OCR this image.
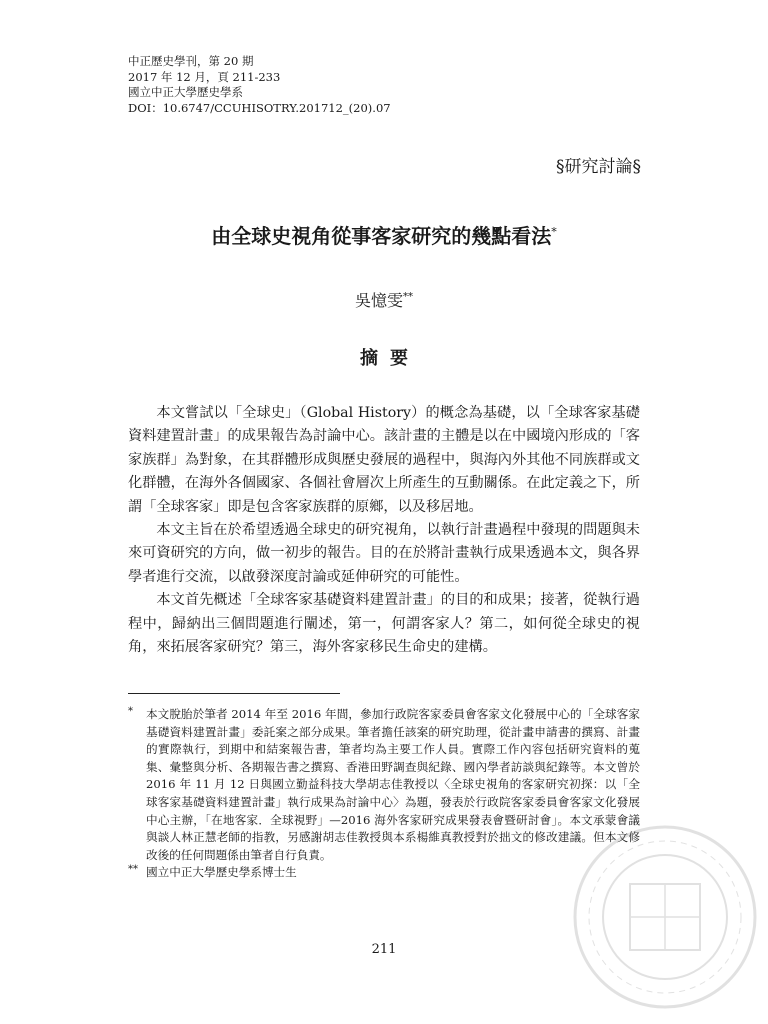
中正歷史學刊，第 20 期
2017 年 12 月，頁 211-233
國立中正大學歷史學系
DOI：10.6747/CCUHISOTRY.201712_(20).07
§研究討論§
由全球史視角從事客家研究的幾點看法*
吳憶雯**
摘要

本文嘗試以「全球史」（Global History）的概念為基礎，以「全球客家基礎資料建置計畫」的成果報告為討論中心。該計畫的主體是以在中國境內形成的「客家族群」為對象，在其群體形成與歷史發展的過程中，與海內外其他不同族群或文化群體，在海外各個國家、各個社會層次上所產生的互動關係。在此定義之下，所謂「全球客家」即是包含客家族群的原鄉，以及移居地。

本文主旨在於希望透過全球史的研究視角，以執行計畫過程中發現的問題與未來可資研究的方向，做一初步的報告。目的在於將計畫執行成果透過本文，與各界學者進行交流，以啟發深度討論或延伸研究的可能性。

本文首先概述「全球客家基礎資料建置計畫」的目的和成果；接著，從執行過程中，歸納出三個問題進行闡述，第一，何謂客家人？第二，如何從全球史的視角，來拓展客家研究？第三，海外客家移民生命史的建構。

* 本文脫胎於筆者 2014 年至 2016 年間，參加行政院客家委員會客家文化發展中心的「全球客家基礎資料建置計畫」委託案之部分成果。筆者擔任該案的研究助理，從計畫申請書的撰寫、計畫的實際執行，到期中和結案報告書，筆者均為主要工作人員。實際工作內容包括研究資料的蒐集、彙整與分析、各期報告書之撰寫、香港田野調查與紀錄、國內學者訪談與紀錄等。本文曾於 2016 年 11 月 12 日與國立勤益科技大學胡志佳教授以〈全球史視角的客家研究初探：以「全球客家基礎資料建置計畫」執行成果為討論中心〉為題，發表於行政院客家委員會客家文化發展中心主辦，「在地客家．全球視野」—2016 海外客家研究成果發表會暨研討會」。本文承蒙會議與談人林正慧老師的指教，另感謝胡志佳教授與本系楊維真教授對於拙文的修改建議。但本文修改後的任何問題係由筆者自行負責。
** 國立中正大學歷史學系博士生
211
